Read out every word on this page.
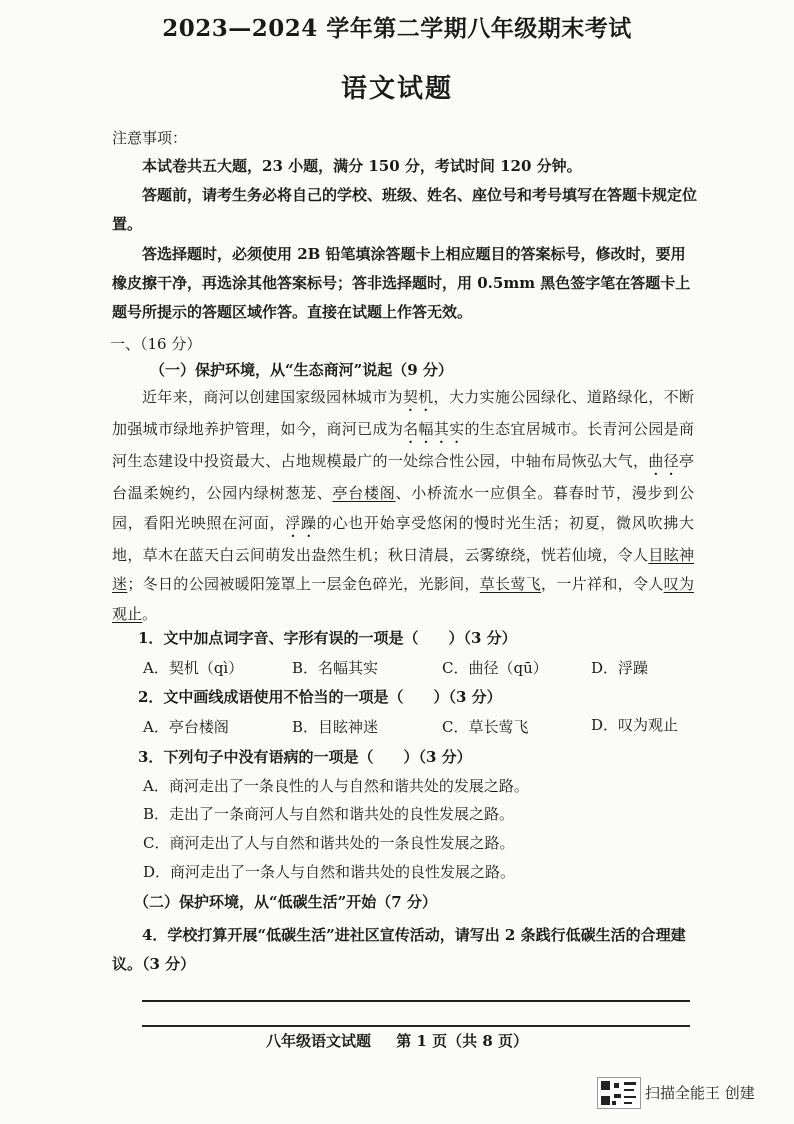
2023—2024 学年第二学期八年级期末考试
语文试题
注意事项：
本试卷共五大题，23 小题，满分 150 分，考试时间 120 分钟。
答题前，请考生务必将自己的学校、班级、姓名、座位号和考号填写在答题卡规定位置。
答选择题时，必须使用 2B 铅笔填涂答题卡上相应题目的答案标号，修改时，要用橡皮擦干净，再选涂其他答案标号；答非选择题时，用 0.5mm 黑色签字笔在答题卡上题号所提示的答题区域作答。直接在试题上作答无效。
一、（16 分）
（一）保护环境，从“生态商河”说起（9 分）
近年来，商河以创建国家级园林城市为契机，大力实施公园绿化、道路绿化，不断加强城市绿地养护管理，如今，商河已成为名幅其实的生态宜居城市。长青河公园是商河生态建设中投资最大、占地规模最广的一处综合性公园，中轴布局恢弘大气，曲径亭台温柔婉约，公园内绿树葱茏、亭台楼阁、小桥流水一应俱全。暮春时节，漫步到公园，看阳光映照在河面，浮躁的心也开始享受悠闲的慢时光生活；初夏，微风吹拂大地，草木在蓝天白云间萌发出盎然生机；秋日清晨，云雾缭绕，恍若仙境，令人目眩神迷；冬日的公园被暖阳笼罩上一层金色碎光，光影间，草长莺飞，一片祥和，令人叹为观止。
1．文中加点词字音、字形有误的一项是（　　）（3 分）
A．契机（qì）	B．名幅其实	C．曲径（qū）	D．浮躁
2．文中画线成语使用不恰当的一项是（　　）（3 分）
A．亭台楼阁	B．目眩神迷	C．草长莺飞	D．叹为观止
3．下列句子中没有语病的一项是（　　）（3 分）
A．商河走出了一条良性的人与自然和谐共处的发展之路。
B．走出了一条商河人与自然和谐共处的良性发展之路。
C．商河走出了人与自然和谐共处的一条良性发展之路。
D．商河走出了一条人与自然和谐共处的良性发展之路。
（二）保护环境，从“低碳生活”开始（7 分）
4．学校打算开展“低碳生活”进社区宣传活动，请写出 2 条践行低碳生活的合理建议。（3 分）
八年级语文试题 第 1 页（共 8 页）
扫描全能王 创建
